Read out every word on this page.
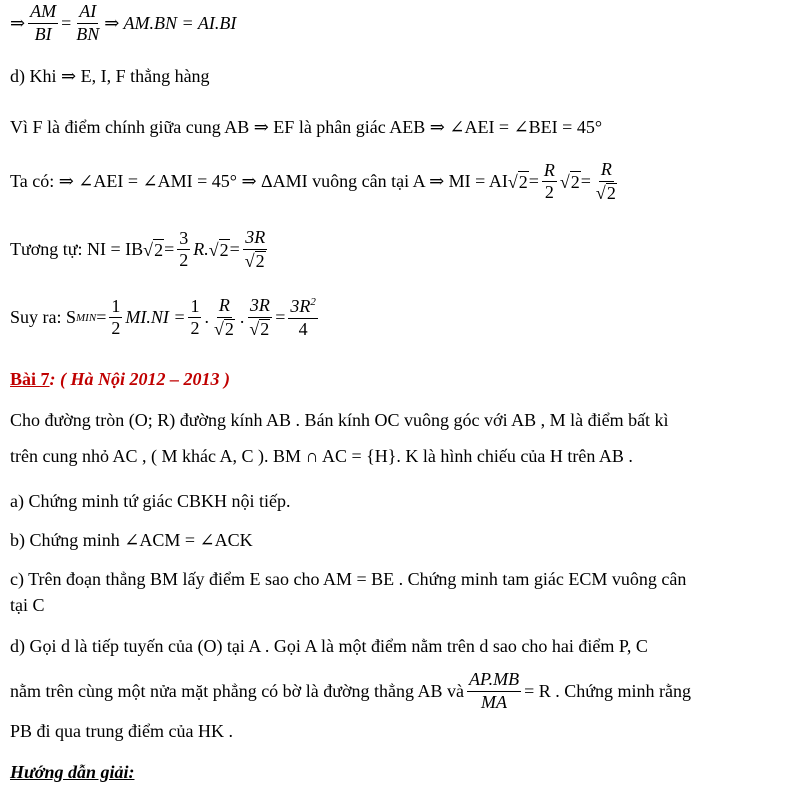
⇒ $\frac{AM}{BI} = \frac{AI}{BN}$ ⇒ AM.BN = AI.BI
d) Khi ⇒ E, I, F thẳng hàng
Vì F là điểm chính giữa cung AB ⇒ EF là phân giác AEB ⇒ ∠AEI = ∠BEI = 45°
Ta có: ⇒ ∠AEI = ∠AMI = 45° ⇒ ΔAMI vuông cân tại A ⇒ MI = AI √ $2 = \frac{R}{2}$ √ $2 = \frac{R}{√ 2}$
Tương tự: NI = IB √ $2 = \frac{3}{2} R$. √ $2 = \frac{3R}{√ 2}$
Suy ra: S MIN = $\frac{1}{2} MI.NI = \frac{1}{2}$ . $\frac{R}{√ 2}$ . $\frac{3R}{√ 2} = \frac{3R^2}{4}$
Bài 7 : ( Hà Nội 2012 – 2013 )
Cho đường tròn (O; R) đường kính AB . Bán kính OC vuông góc với AB , M là điểm bất kì
trên cung nhỏ AC , ( M khác A, C ). BM ∩ AC = {H}. K là hình chiếu của H trên AB .
a) Chứng minh tứ giác CBKH nội tiếp.
b) Chứng minh ∠ACM = ∠ACK
c) Trên đoạn thẳng BM lấy điểm E sao cho AM = BE . Chứng minh tam giác ECM vuông cân
tại C
d) Gọi d là tiếp tuyến của (O) tại A . Gọi A là một điểm nằm trên d sao cho hai điểm P, C
nằm trên cùng một nửa mặt phẳng có bờ là đường thẳng AB và $\frac{AP.MB}{MA} = R$ . Chứng minh rằng
PB đi qua trung điểm của HK .
Hướng dẫn giải:
